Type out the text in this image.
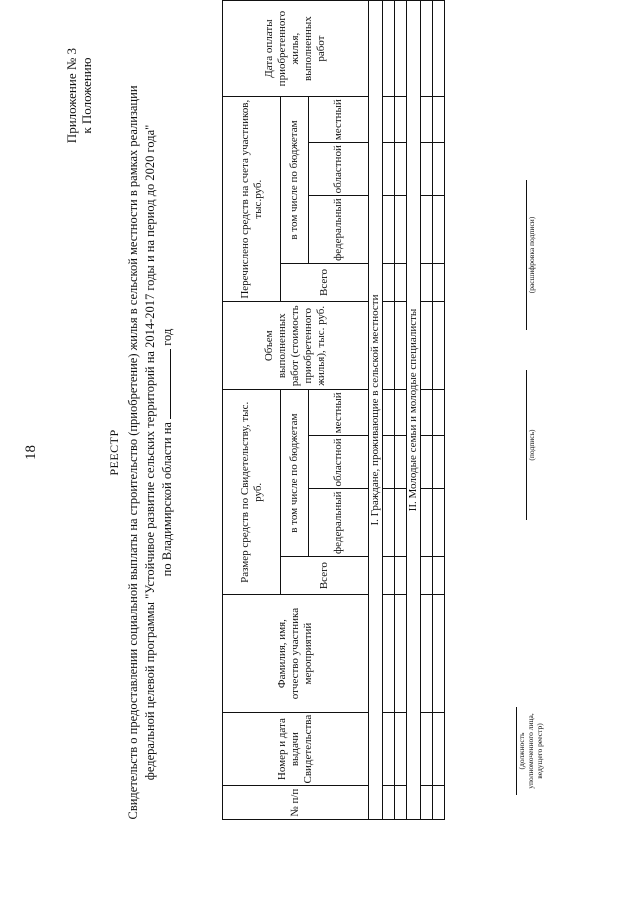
18
Приложение № 3 к Положению
РЕЕСТР Свидетельств о предоставлении социальной выплаты на строительство (приобретение) жилья в сельской местности в рамках реализации федеральной целевой программы "Устойчивое развитие сельских территорий на 2014-2017 годы и на период до 2020 года" по Владимирской области на  год
№ п/п	Номер и дата выдачи Свидетельства	Фамилия, имя, отчество участника мероприятий	Размер средств по Свидетельству, тыс. руб.				Объем выполненных работ (стоимость приобретенного жилья), тыс. руб.	Перечислено средств на счета участников, тыс.руб.				Дата оплаты приобретенного жилья, выполненных работ
			Всего	в том числе по бюджетам				Всего	в том числе по бюджетам			
				федеральный	областной	местный			федеральный	областной	местный	
I. Граждане, проживающие в сельской местности												

II. Молодые семьи и молодые специалисты												

(должность уполномоченного лица, ведущего реестр)
(подпись)
(расшифровка подписи)
